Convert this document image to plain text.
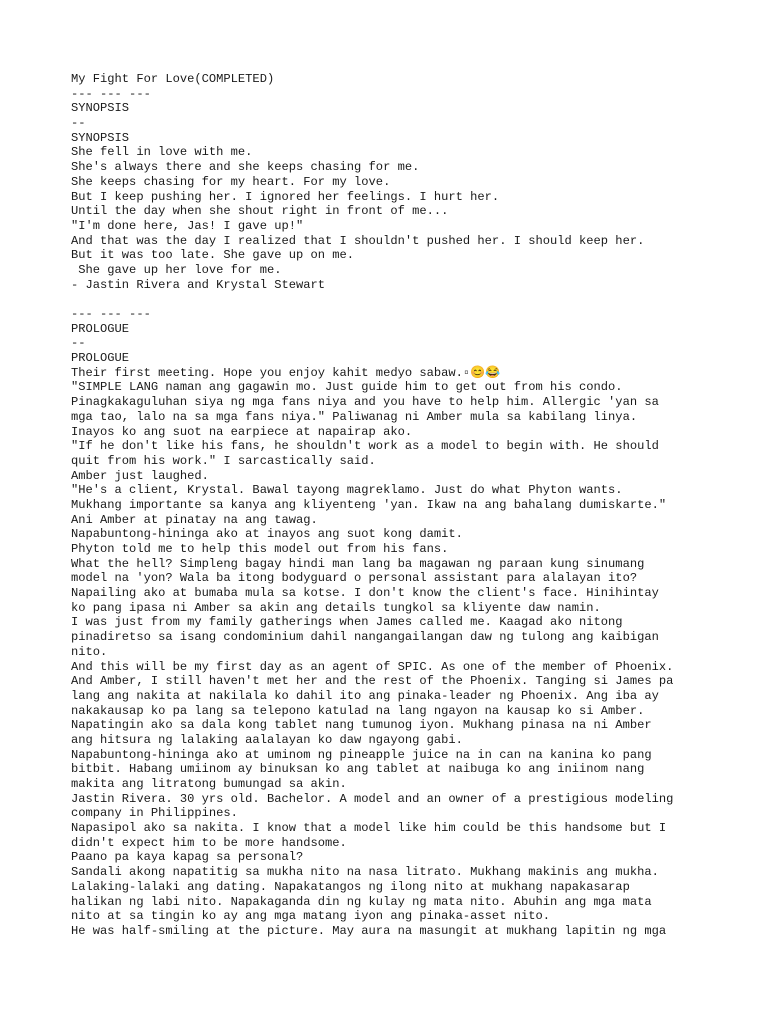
My Fight For Love(COMPLETED)
--- --- ---
SYNOPSIS
--
SYNOPSIS
She fell in love with me.
She's always there and she keeps chasing for me.
She keeps chasing for my heart. For my love.
But I keep pushing her. I ignored her feelings. I hurt her.
Until the day when she shout right in front of me...
"I'm done here, Jas! I gave up!"
And that was the day I realized that I shouldn't pushed her. I should keep her.
But it was too late. She gave up on me.
She gave up her love for me.
- Jastin Rivera and Krystal Stewart
--- --- ---
PROLOGUE
--
PROLOGUE
Their first meeting. Hope you enjoy kahit medyo sabaw.▫😊😂
"SIMPLE LANG naman ang gagawin mo. Just guide him to get out from his condo.
Pinagkakaguluhan siya ng mga fans niya and you have to help him. Allergic 'yan sa
mga tao, lalo na sa mga fans niya." Paliwanag ni Amber mula sa kabilang linya.
Inayos ko ang suot na earpiece at napairap ako.
"If he don't like his fans, he shouldn't work as a model to begin with. He should
quit from his work." I sarcastically said.
Amber just laughed.
"He's a client, Krystal. Bawal tayong magreklamo. Just do what Phyton wants.
Mukhang importante sa kanya ang kliyenteng 'yan. Ikaw na ang bahalang dumiskarte."
Ani Amber at pinatay na ang tawag.
Napabuntong-hininga ako at inayos ang suot kong damit.
Phyton told me to help this model out from his fans.
What the hell? Simpleng bagay hindi man lang ba magawan ng paraan kung sinumang
model na 'yon? Wala ba itong bodyguard o personal assistant para alalayan ito?
Napailing ako at bumaba mula sa kotse. I don't know the client's face. Hinihintay
ko pang ipasa ni Amber sa akin ang details tungkol sa kliyente daw namin.
I was just from my family gatherings when James called me. Kaagad ako nitong
pinadiretso sa isang condominium dahil nangangailangan daw ng tulong ang kaibigan
nito.
And this will be my first day as an agent of SPIC. As one of the member of Phoenix.
And Amber, I still haven't met her and the rest of the Phoenix. Tanging si James pa
lang ang nakita at nakilala ko dahil ito ang pinaka-leader ng Phoenix. Ang iba ay
nakakausap ko pa lang sa telepono katulad na lang ngayon na kausap ko si Amber.
Napatingin ako sa dala kong tablet nang tumunog iyon. Mukhang pinasa na ni Amber
ang hitsura ng lalaking aalalayan ko daw ngayong gabi.
Napabuntong-hininga ako at uminom ng pineapple juice na in can na kanina ko pang
bitbit. Habang umiinom ay binuksan ko ang tablet at naibuga ko ang iniinom nang
makita ang litratong bumungad sa akin.
Jastin Rivera. 30 yrs old. Bachelor. A model and an owner of a prestigious modeling
company in Philippines.
Napasipol ako sa nakita. I know that a model like him could be this handsome but I
didn't expect him to be more handsome.
Paano pa kaya kapag sa personal?
Sandali akong napatitig sa mukha nito na nasa litrato. Mukhang makinis ang mukha.
Lalaking-lalaki ang dating. Napakatangos ng ilong nito at mukhang napakasarap
halikan ng labi nito. Napakaganda din ng kulay ng mata nito. Abuhin ang mga mata
nito at sa tingin ko ay ang mga matang iyon ang pinaka-asset nito.
He was half-smiling at the picture. May aura na masungit at mukhang lapitin ng mga
